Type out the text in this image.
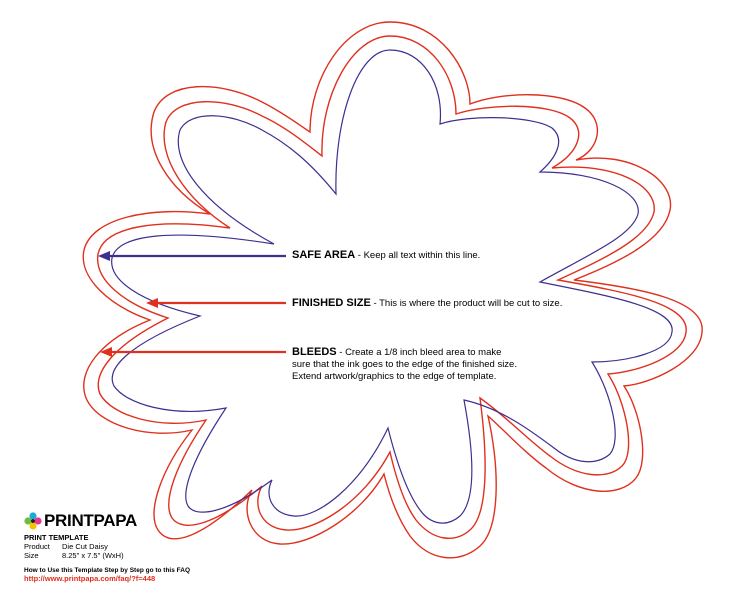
SAFE AREA - Keep all text within this line.
FINISHED SIZE - This is where the product will be cut to size.
BLEEDS - Create a 1/8 inch bleed area to make sure that the ink goes to the edge of the finished size. Extend artwork/graphics to the edge of template.
PRINTPAPA
PRINT TEMPLATE
Product	Die Cut Daisy
Size	8.25" x 7.5" (WxH)
How to Use this Template Step by Step go to this FAQ
http://www.printpapa.com/faq/?f=448
